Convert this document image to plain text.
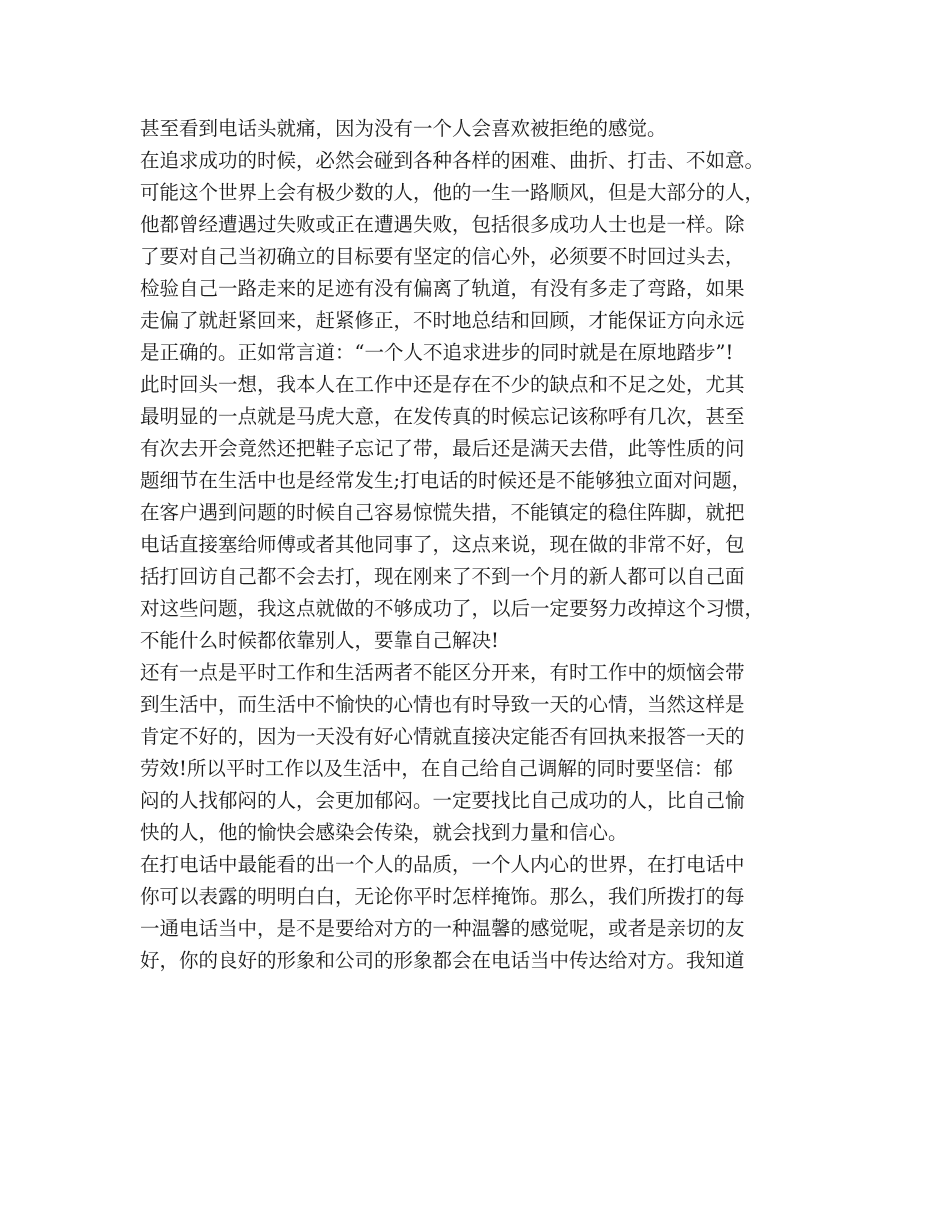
甚至看到电话头就痛，因为没有一个人会喜欢被拒绝的感觉。
在追求成功的时候，必然会碰到各种各样的困难、曲折、打击、不如意。
可能这个世界上会有极少数的人，他的一生一路顺风，但是大部分的人，
他都曾经遭遇过失败或正在遭遇失败，包括很多成功人士也是一样。除
了要对自己当初确立的目标要有坚定的信心外，必须要不时回过头去，
检验自己一路走来的足迹有没有偏离了轨道，有没有多走了弯路，如果
走偏了就赶紧回来，赶紧修正，不时地总结和回顾，才能保证方向永远
是正确的。正如常言道：“一个人不追求进步的同时就是在原地踏步”!
此时回头一想，我本人在工作中还是存在不少的缺点和不足之处，尤其
最明显的一点就是马虎大意，在发传真的时候忘记该称呼有几次，甚至
有次去开会竟然还把鞋子忘记了带，最后还是满天去借，此等性质的问
题细节在生活中也是经常发生;打电话的时候还是不能够独立面对问题，
在客户遇到问题的时候自己容易惊慌失措，不能镇定的稳住阵脚，就把
电话直接塞给师傅或者其他同事了，这点来说，现在做的非常不好，包
括打回访自己都不会去打，现在刚来了不到一个月的新人都可以自己面
对这些问题，我这点就做的不够成功了，以后一定要努力改掉这个习惯，
不能什么时候都依靠别人，要靠自己解决!
还有一点是平时工作和生活两者不能区分开来，有时工作中的烦恼会带
到生活中，而生活中不愉快的心情也有时导致一天的心情，当然这样是
肯定不好的，因为一天没有好心情就直接决定能否有回执来报答一天的
劳效!所以平时工作以及生活中，在自己给自己调解的同时要坚信：郁
闷的人找郁闷的人，会更加郁闷。一定要找比自己成功的人，比自己愉
快的人，他的愉快会感染会传染，就会找到力量和信心。
在打电话中最能看的出一个人的品质，一个人内心的世界，在打电话中
你可以表露的明明白白，无论你平时怎样掩饰。那么，我们所拨打的每
一通电话当中，是不是要给对方的一种温馨的感觉呢，或者是亲切的友
好，你的良好的形象和公司的形象都会在电话当中传达给对方。我知道
